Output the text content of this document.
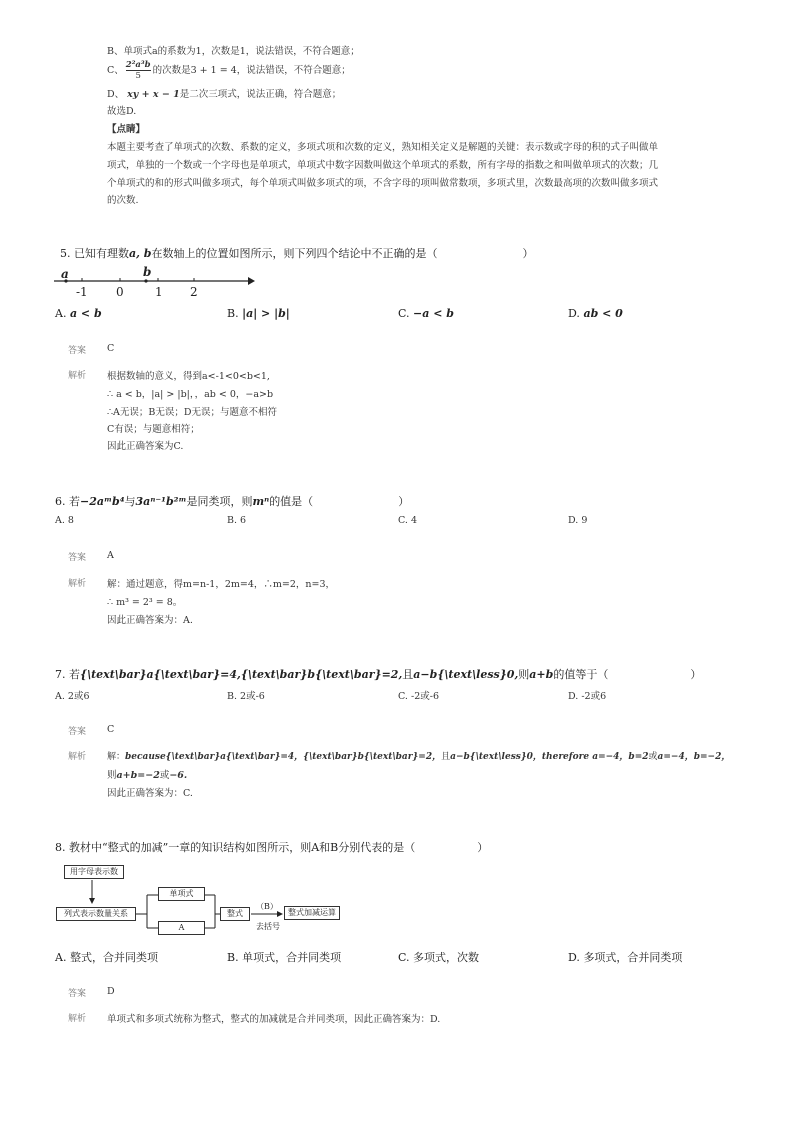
B、单项式a的系数为1，次数是1，说法错误，不符合题意；
C、 $\frac{\text{2²a³b}}{5}$ 的次数是3 + 1 = 4，说法错误，不符合题意；
D、 xy + x − 1是二次三项式，说法正确，符合题意；
故选D.
【点睛】
本题主要考查了单项式的次数、系数的定义，多项式项和次数的定义，熟知相关定义是解题的关键：表示数或字母的积的式子叫做单
项式，单独的一个数或一个字母也是单项式，单项式中数字因数叫做这个单项式的系数，所有字母的指数之和叫做单项式的次数；几
个单项式的和的形式叫做多项式，每个单项式叫做多项式的项，不含字母的项叫做常数项，多项式里，次数最高项的次数叫做多项式
的次数.
5. 已知有理数a, b在数轴上的位置如图所示，则下列四个结论中不正确的是（	）
a	b
-1 0	1 2
A. a < b	B. |a| > |b|	C. −a < b	D. ab < 0
答案 C
解析 根据数轴的意义，得到a<-1<0<b<1,
∴ a < b，|a| > |b|，，ab < 0，−a>b
∴A无误；B无误；D无误；与题意不相符
C有误；与题意相符；
因此正确答案为C.
6. 若−2aᵐb⁴与3aⁿ⁻¹b²ᵐ是同类项，则mⁿ的值是（	）
A. 8	B. 6	C. 4	D. 9
答案 A
解析 解：通过题意，得m=n-1，2m=4，∴m=2，n=3，
∴ m³ = 2³ = 8。
因此正确答案为：A.
7. 若{\text\bar}a{\text\bar}=4,{\text\bar}b{\text\bar}=2,且a−b{\text\less}0,则a+b的值等于（	）
A. 2或6	B. 2或-6	C. -2或-6	D. -2或6
答案 C
解析 解：because{\text\bar}a{\text\bar}=4，{\text\bar}b{\text\bar}=2，且a−b{\text\less}0，therefore a=−4，b=2或a=−4，b=−2，
则a+b=−2或−6.
因此正确答案为：C.
8. 教材中“整式的加减”一章的知识结构如图所示，则A和B分别代表的是（	）
用字母表示数
列式表示数量关系
单项式
A
整式
（B）
去括号
整式加减运算
A. 整式，合并同类项	B. 单项式，合并同类项	C. 多项式，次数	D. 多项式，合并同类项
答案 D
解析 单项式和多项式统称为整式，整式的加减就是合并同类项，因此正确答案为：D.
